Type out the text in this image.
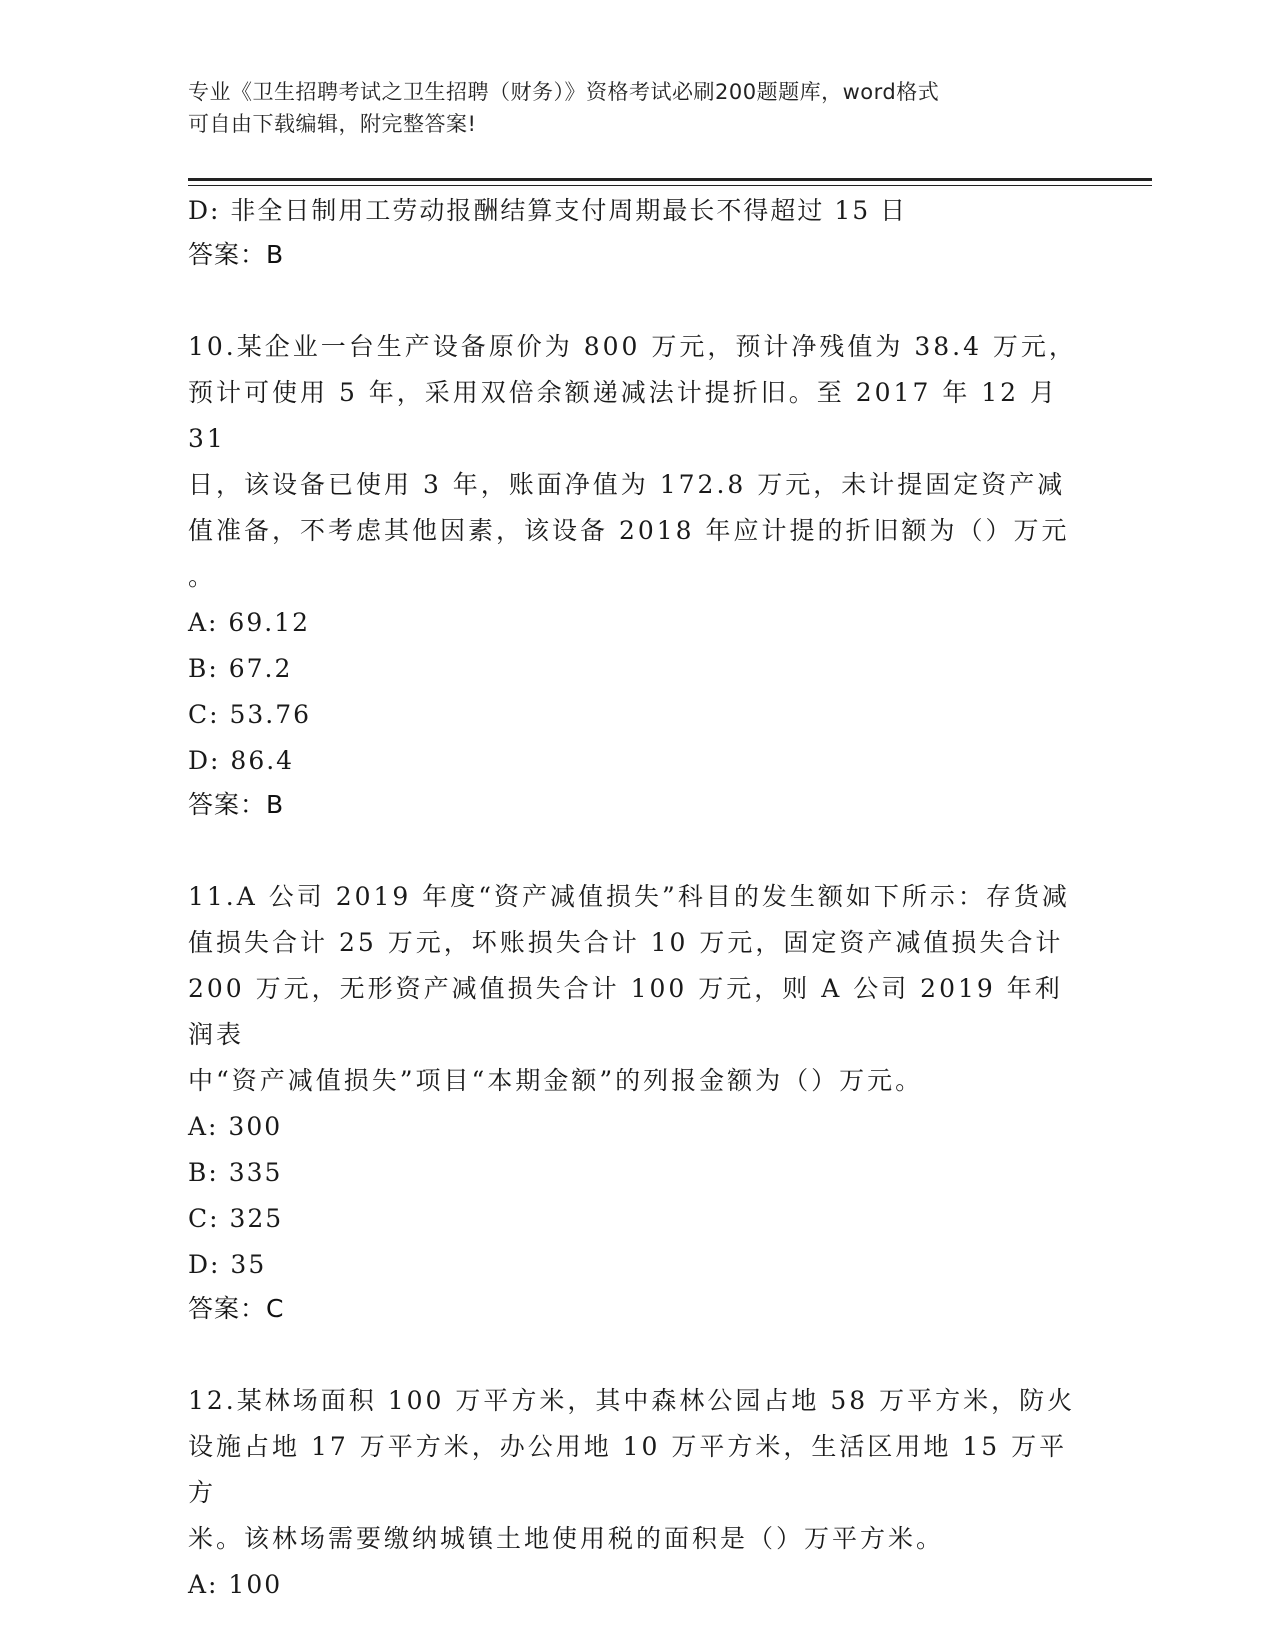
专业《卫生招聘考试之卫生招聘（财务）》资格考试必刷200题题库，word格式
可自由下载编辑，附完整答案!
D: 非全日制用工劳动报酬结算支付周期最长不得超过 15 日
答案：B
10.某企业一台生产设备原价为 800 万元，预计净残值为 38.4 万元，
预计可使用 5 年，采用双倍余额递减法计提折旧。至 2017 年 12 月 31
日，该设备已使用 3 年，账面净值为 172.8 万元，未计提固定资产减
值准备，不考虑其他因素，该设备 2018 年应计提的折旧额为（）万元
。
A: 69.12
B: 67.2
C: 53.76
D: 86.4
答案：B
11.A 公司 2019 年度“资产减值损失”科目的发生额如下所示：存货减
值损失合计 25 万元，坏账损失合计 10 万元，固定资产减值损失合计
200 万元，无形资产减值损失合计 100 万元，则 A 公司 2019 年利润表
中“资产减值损失”项目“本期金额”的列报金额为（）万元。
A: 300
B: 335
C: 325
D: 35
答案：C
12.某林场面积 100 万平方米，其中森林公园占地 58 万平方米，防火
设施占地 17 万平方米，办公用地 10 万平方米，生活区用地 15 万平方
米。该林场需要缴纳城镇土地使用税的面积是（）万平方米。
A: 100
